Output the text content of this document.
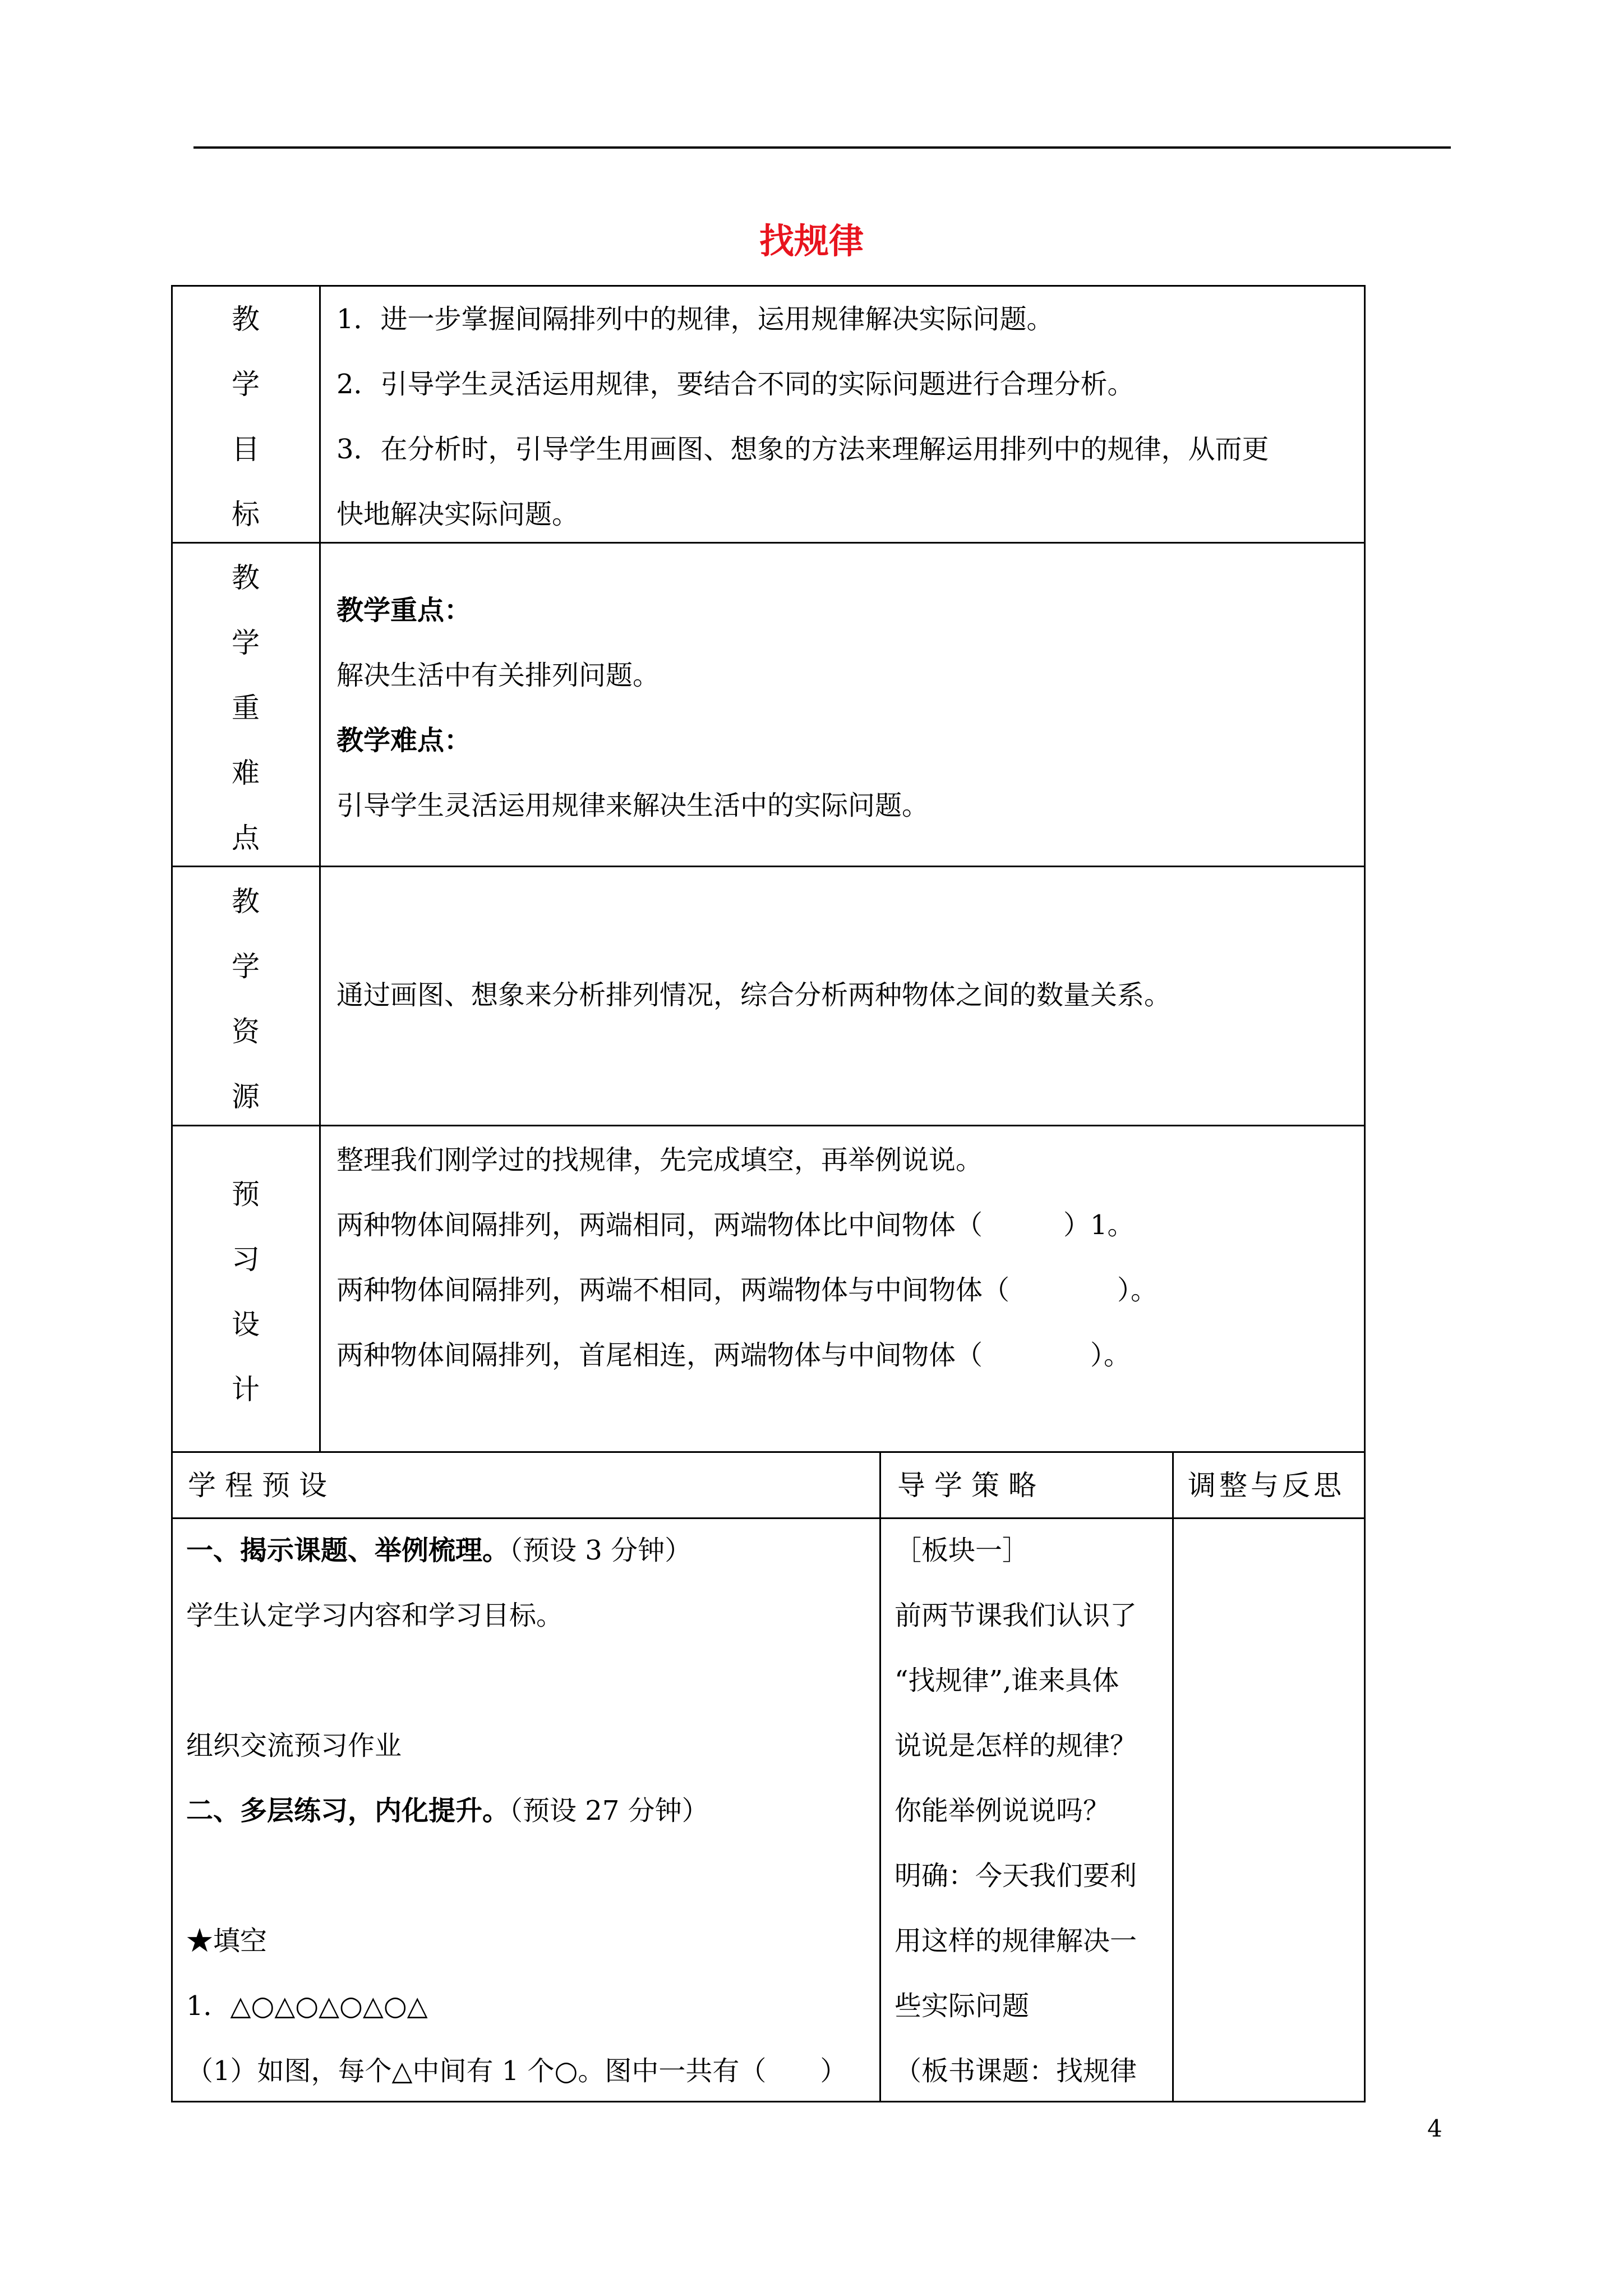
找规律
教
学
目
标
1．进一步掌握间隔排列中的规律，运用规律解决实际问题。
2．引导学生灵活运用规律，要结合不同的实际问题进行合理分析。
3．在分析时，引导学生用画图、想象的方法来理解运用排列中的规律，从而更
快地解决实际问题。
教
学
重
难
点
教学重点：
解决生活中有关排列问题。
教学难点：
引导学生灵活运用规律来解决生活中的实际问题。
教
学
资
源
通过画图、想象来分析排列情况，综合分析两种物体之间的数量关系。
预
习
设
计
整理我们刚学过的找规律，先完成填空，再举例说说。
两种物体间隔排列，两端相同，两端物体比中间物体（　　　）1。
两种物体间隔排列，两端不相同，两端物体与中间物体（　　　　）。
两种物体间隔排列，首尾相连，两端物体与中间物体（　　　　）。
学程预设	导学策略	调整与反思
一、揭示课题、举例梳理。（预设 3 分钟）
学生认定学习内容和学习目标。
组织交流预习作业
二、多层练习，内化提升。（预设 27 分钟）
★填空
1．△○△○△○△○△
（1）如图，每个△中间有 1 个○。图中一共有（　　）
［板块一］
前两节课我们认识了
“找规律”,谁来具体
说说是怎样的规律？
你能举例说说吗？
明确：今天我们要利
用这样的规律解决一
些实际问题
（板书课题：找规律
4
